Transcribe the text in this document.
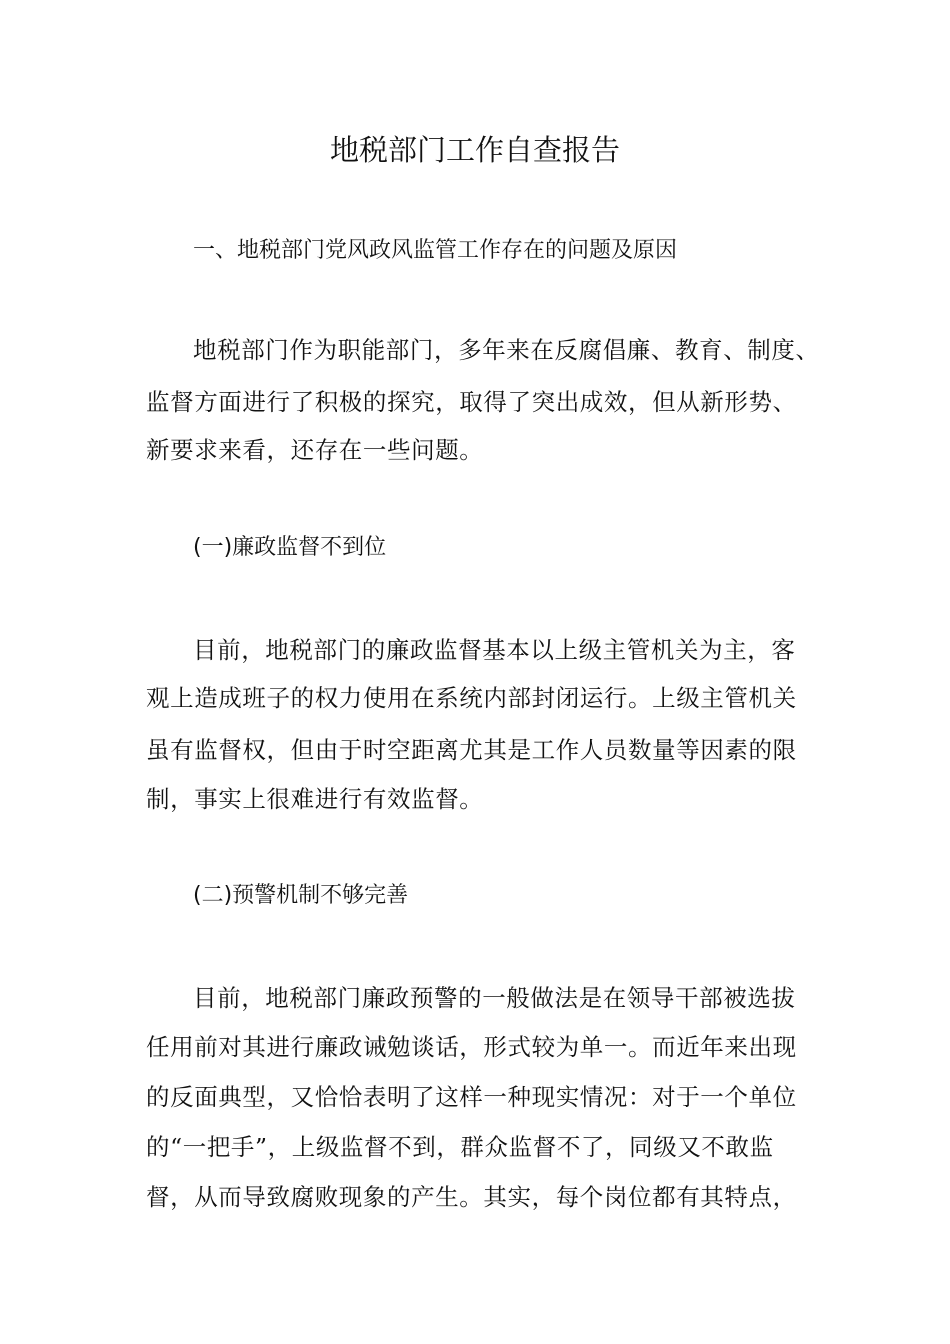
地税部门工作自查报告
一、地税部门党风政风监管工作存在的问题及原因
地税部门作为职能部门，多年来在反腐倡廉、教育、制度、
监督方面进行了积极的探究，取得了突出成效，但从新形势、
新要求来看，还存在一些问题。
(一)廉政监督不到位
目前，地税部门的廉政监督基本以上级主管机关为主，客
观上造成班子的权力使用在系统内部封闭运行。上级主管机关
虽有监督权，但由于时空距离尤其是工作人员数量等因素的限
制，事实上很难进行有效监督。
(二)预警机制不够完善
目前，地税部门廉政预警的一般做法是在领导干部被选拔
任用前对其进行廉政诫勉谈话，形式较为单一。而近年来出现
的反面典型，又恰恰表明了这样一种现实情况：对于一个单位
的“一把手”，上级监督不到，群众监督不了，同级又不敢监
督，从而导致腐败现象的产生。其实，每个岗位都有其特点，
